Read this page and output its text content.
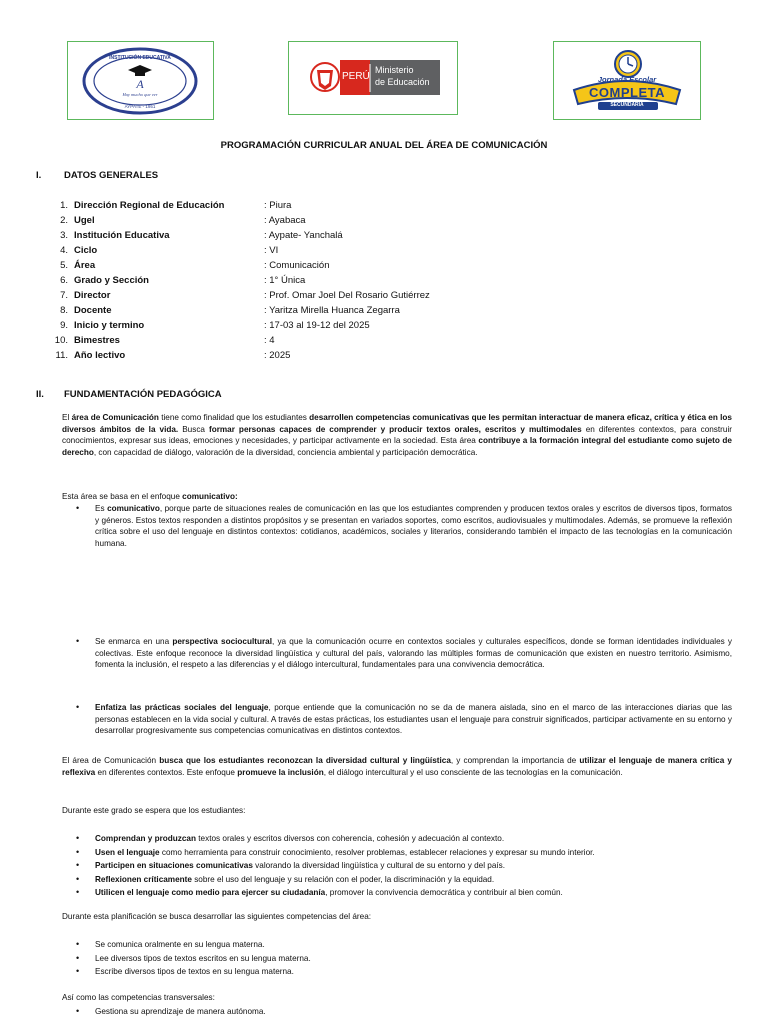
INSTITUCIÓN EDUCATIVA
A
Hay mucho que ver
AYPATE - 1951
PERÚ
Ministerio
de Educación	Jornada Escolar
COMPLETA
SECUNDARIA
PROGRAMACIÓN CURRICULAR ANUAL DEL ÁREA DE COMUNICACIÓN
I. DATOS GENERALES
1. Dirección Regional de Educación	: Piura
2. Ugel	: Ayabaca
3. Institución Educativa	: Aypate- Yanchalá
4. Ciclo	: VI
5. Área	: Comunicación
6. Grado y Sección	: 1° Única
7. Director	: Prof. Omar Joel Del Rosario Gutiérrez
8. Docente	: Yaritza Mirella Huanca Zegarra
9. Inicio y termino	: 17-03 al 19-12 del 2025
10. Bimestres	: 4
11. Año lectivo	: 2025
II. FUNDAMENTACIÓN PEDAGÓGICA
El área de Comunicación tiene como finalidad que los estudiantes desarrollen competencias comunicativas que les permitan interactuar de manera eficaz, crítica y ética en los diversos ámbitos de la vida. Busca formar personas capaces de comprender y producir textos orales, escritos y multimodales en diferentes contextos, para construir conocimientos, expresar sus ideas, emociones y necesidades, y participar activamente en la sociedad. Esta área contribuye a la formación integral del estudiante como sujeto de derecho, con capacidad de diálogo, valoración de la diversidad, conciencia ambiental y participación democrática.
Esta área se basa en el enfoque comunicativo:
• Es comunicativo, porque parte de situaciones reales de comunicación en las que los estudiantes comprenden y producen textos orales y escritos de diversos tipos, formatos y géneros. Estos textos responden a distintos propósitos y se presentan en variados soportes, como escritos, audiovisuales y multimodales. Además, se promueve la reflexión crítica sobre el uso del lenguaje en distintos contextos: cotidianos, académicos, sociales y literarios, considerando también el impacto de las tecnologías en la comunicación humana.
• Se enmarca en una perspectiva sociocultural, ya que la comunicación ocurre en contextos sociales y culturales específicos, donde se forman identidades individuales y colectivas. Este enfoque reconoce la diversidad lingüística y cultural del país, valorando las múltiples formas de comunicación que existen en nuestro territorio. Asimismo, fomenta la inclusión, el respeto a las diferencias y el diálogo intercultural, fundamentales para una convivencia democrática.
• Enfatiza las prácticas sociales del lenguaje, porque entiende que la comunicación no se da de manera aislada, sino en el marco de las interacciones diarias que las personas establecen en la vida social y cultural. A través de estas prácticas, los estudiantes usan el lenguaje para construir significados, participar activamente en su entorno y desarrollar progresivamente sus competencias comunicativas en distintos contextos.
El área de Comunicación busca que los estudiantes reconozcan la diversidad cultural y lingüística, y comprendan la importancia de utilizar el lenguaje de manera crítica y reflexiva en diferentes contextos. Este enfoque promueve la inclusión, el diálogo intercultural y el uso consciente de las tecnologías en la comunicación.
Durante este grado se espera que los estudiantes:
• Comprendan y produzcan textos orales y escritos diversos con coherencia, cohesión y adecuación al contexto.
• Usen el lenguaje como herramienta para construir conocimiento, resolver problemas, establecer relaciones y expresar su mundo interior.
• Participen en situaciones comunicativas valorando la diversidad lingüística y cultural de su entorno y del país.
• Reflexionen críticamente sobre el uso del lenguaje y su relación con el poder, la discriminación y la equidad.
• Utilicen el lenguaje como medio para ejercer su ciudadanía, promover la convivencia democrática y contribuir al bien común.
Durante esta planificación se busca desarrollar las siguientes competencias del área:
• Se comunica oralmente en su lengua materna.
• Lee diversos tipos de textos escritos en su lengua materna.
• Escribe diversos tipos de textos en su lengua materna.
Así como las competencias transversales:
• Gestiona su aprendizaje de manera autónoma.
